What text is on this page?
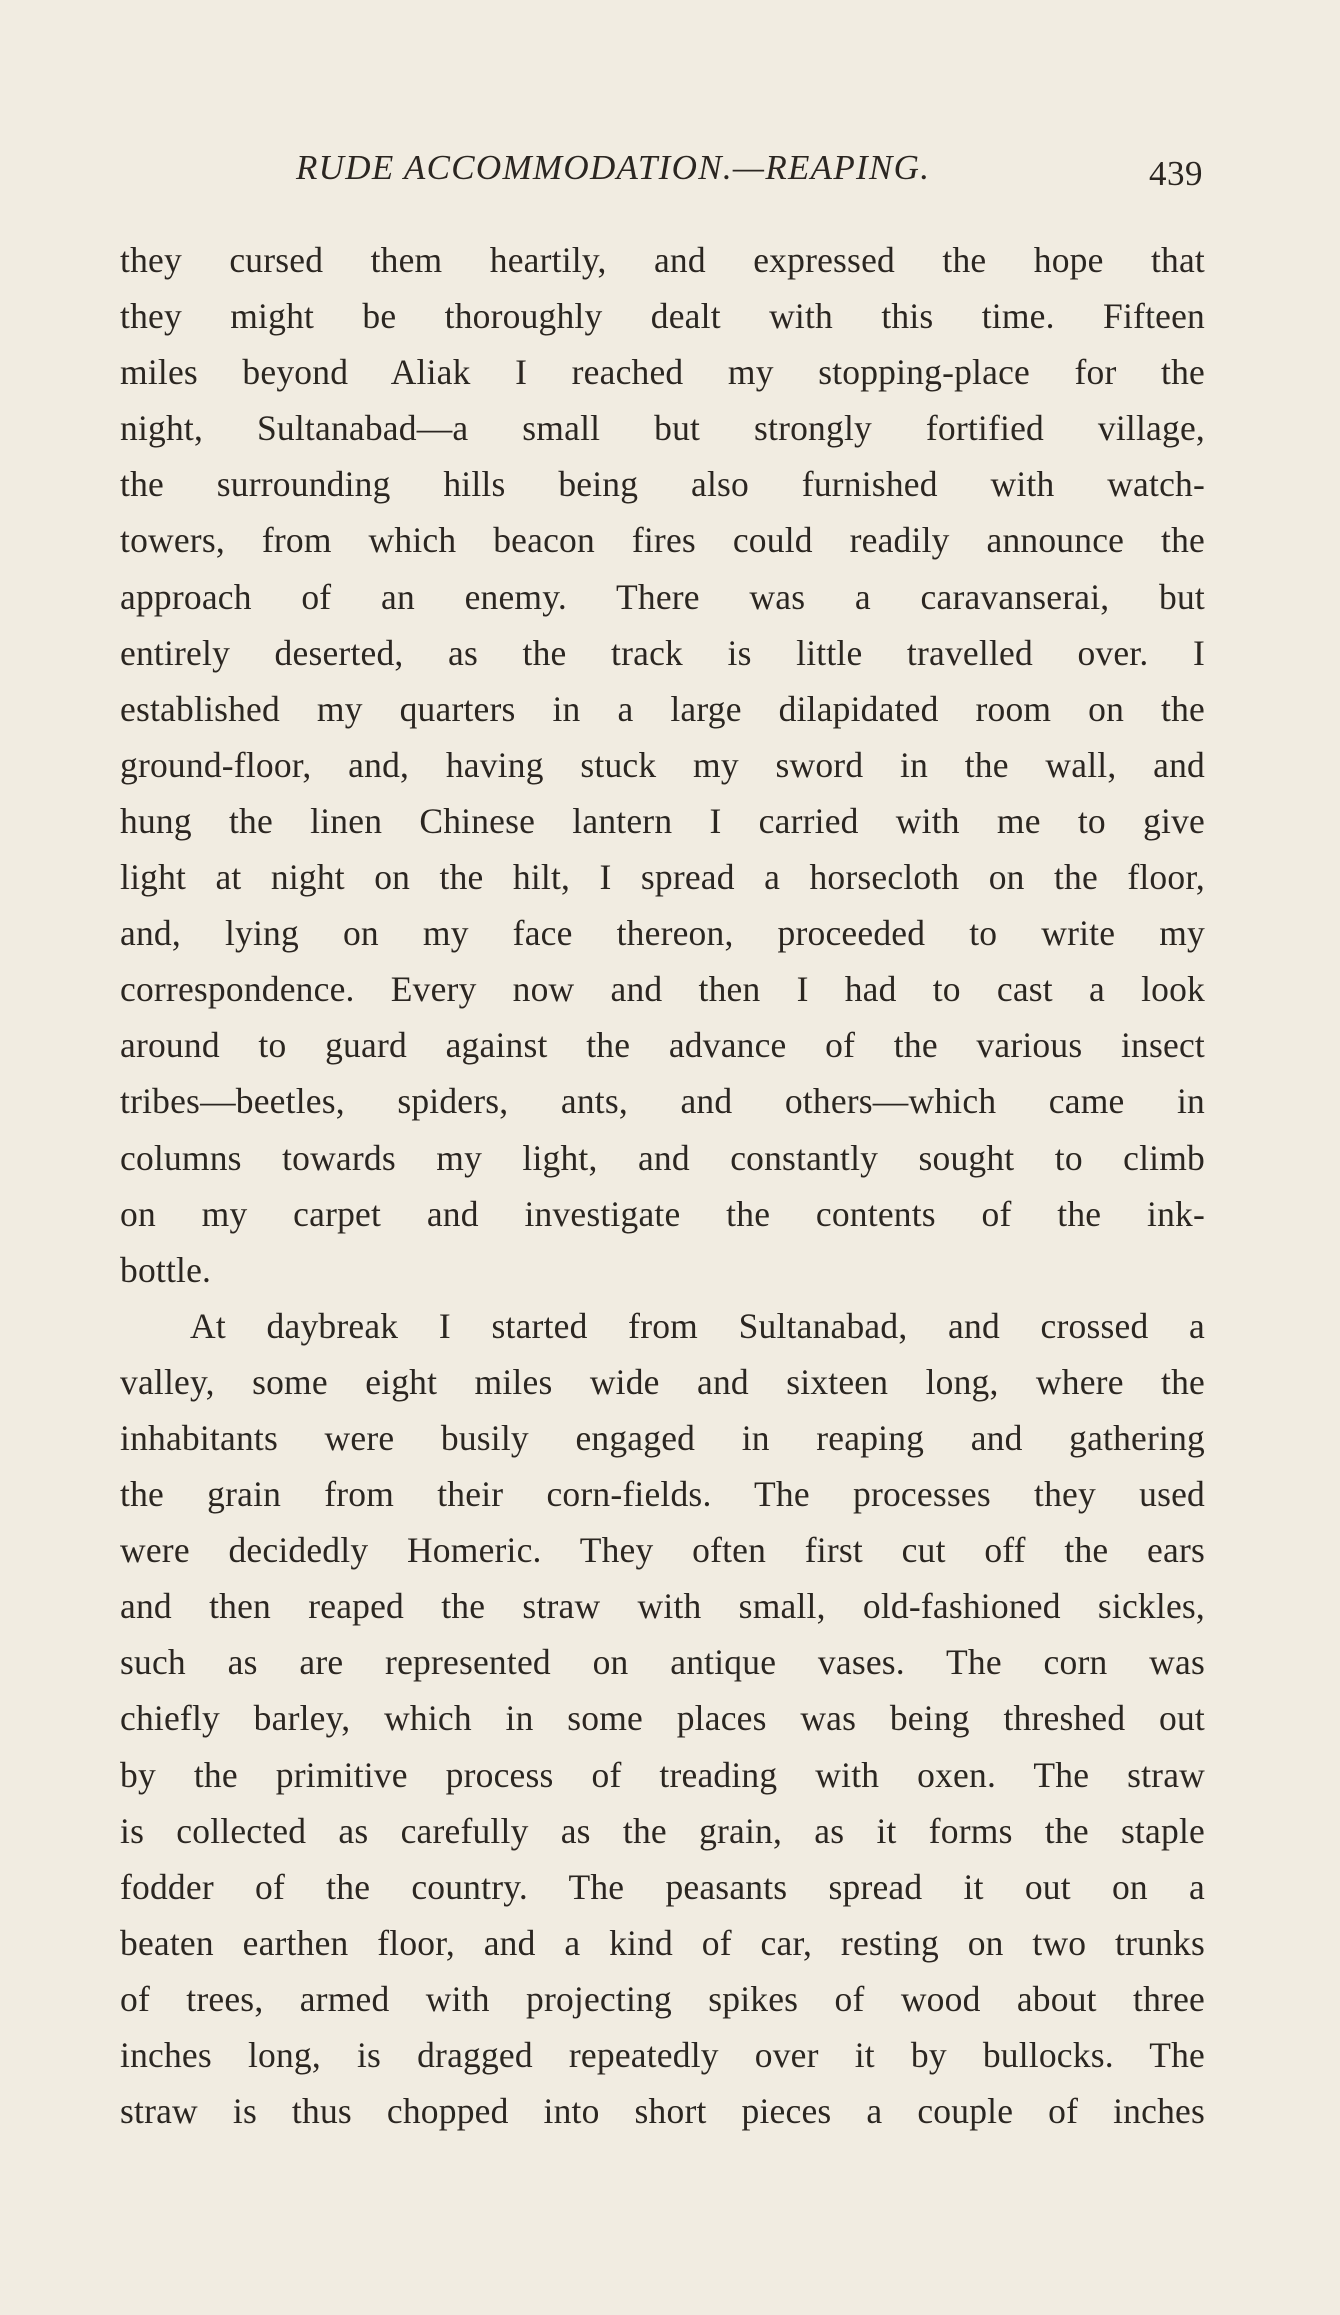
RUDE ACCOMMODATION.—REAPING.	439
they cursed them heartily, and expressed the hope that
they might be thoroughly dealt with this time. Fifteen
miles beyond Aliak I reached my stopping-place for the
night, Sultanabad—a small but strongly fortified village,
the surrounding hills being also furnished with watch-
towers, from which beacon fires could readily announce the
approach of an enemy. There was a caravanserai, but
entirely deserted, as the track is little travelled over. I
established my quarters in a large dilapidated room on the
ground-floor, and, having stuck my sword in the wall, and
hung the linen Chinese lantern I carried with me to give
light at night on the hilt, I spread a horsecloth on the floor,
and, lying on my face thereon, proceeded to write my
correspondence. Every now and then I had to cast a look
around to guard against the advance of the various insect
tribes—beetles, spiders, ants, and others—which came in
columns towards my light, and constantly sought to climb
on my carpet and investigate the contents of the ink-
bottle.
At daybreak I started from Sultanabad, and crossed a
valley, some eight miles wide and sixteen long, where the
inhabitants were busily engaged in reaping and gathering
the grain from their corn-fields. The processes they used
were decidedly Homeric. They often first cut off the ears
and then reaped the straw with small, old-fashioned sickles,
such as are represented on antique vases. The corn was
chiefly barley, which in some places was being threshed out
by the primitive process of treading with oxen. The straw
is collected as carefully as the grain, as it forms the staple
fodder of the country. The peasants spread it out on a
beaten earthen floor, and a kind of car, resting on two trunks
of trees, armed with projecting spikes of wood about three
inches long, is dragged repeatedly over it by bullocks. The
straw is thus chopped into short pieces a couple of inches
